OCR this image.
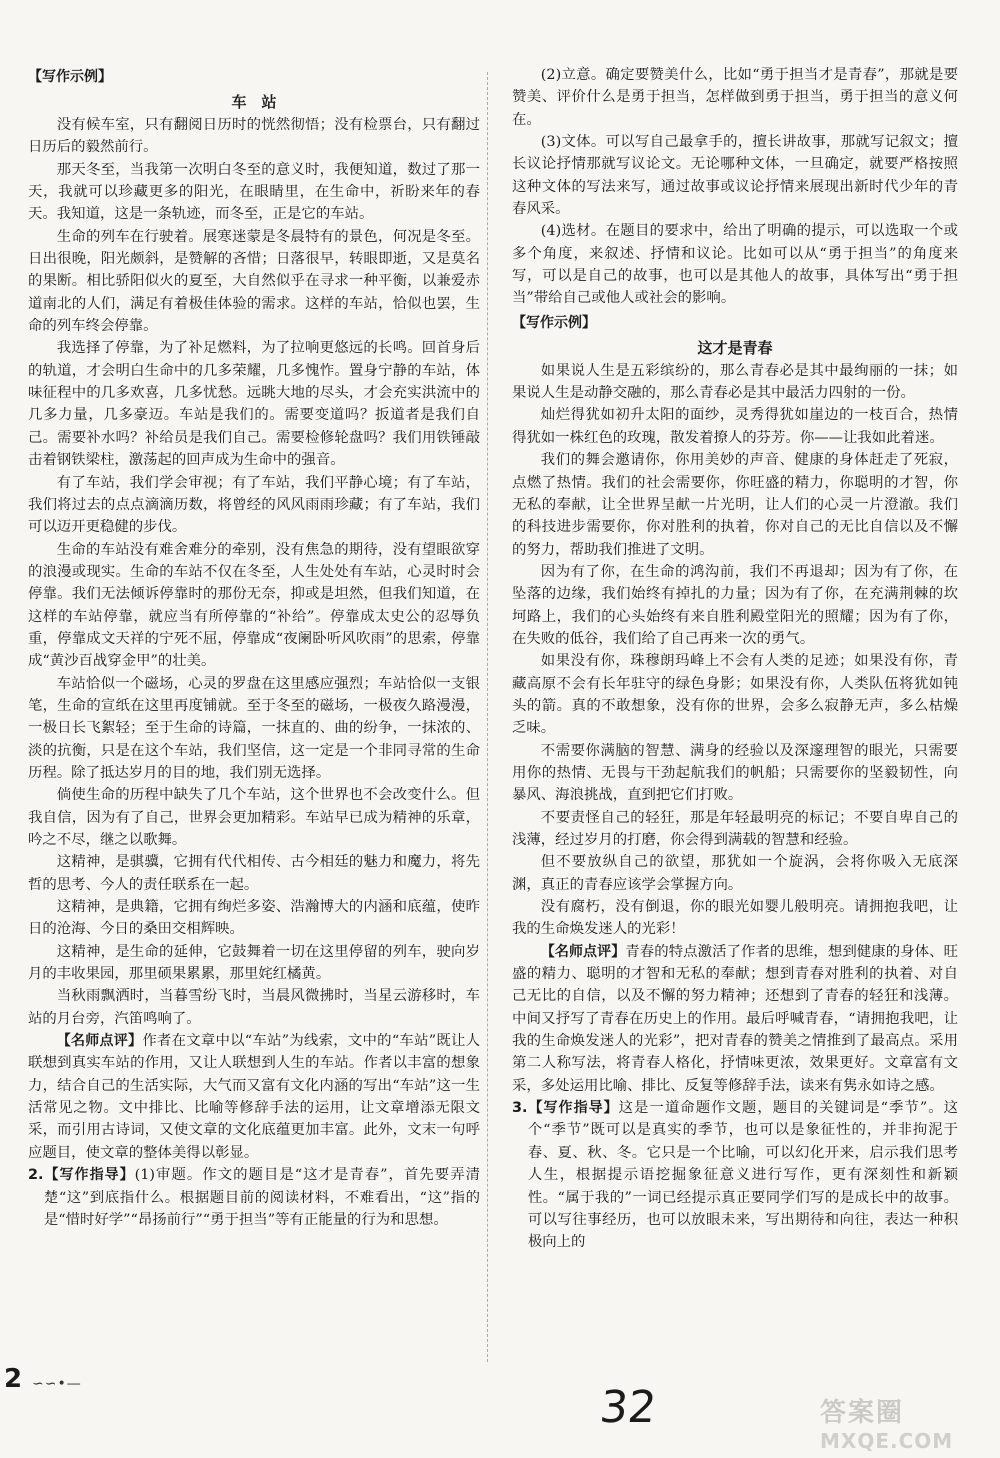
【写作示例】

车　站

没有候车室，只有翻阅日历时的恍然彻悟；没有检票台，只有翻过日历后的毅然前行。

那天冬至，当我第一次明白冬至的意义时，我便知道，数过了那一天，我就可以珍藏更多的阳光，在眼睛里，在生命中，祈盼来年的春天。我知道，这是一条轨迹，而冬至，正是它的车站。

生命的列车在行驶着。展寒迷蒙是冬晨特有的景色，何况是冬至。日出很晚，阳光颇斜，是赞解的吝惜；日落很早，转眼即逝，又是莫名的果断。相比骄阳似火的夏至，大自然似乎在寻求一种平衡，以兼爱赤道南北的人们，满足有着极佳体验的需求。这样的车站，恰似也罢，生命的列车终会停靠。

我选择了停靠，为了补足燃料，为了拉响更悠远的长鸣。回首身后的轨道，才会明白生命中的几多荣耀，几多愧怍。置身宁静的车站，体味征程中的几多欢喜，几多忧愁。远眺大地的尽头，才会充实洪流中的几多力量，几多豪迈。车站是我们的。需要变道吗？扳道者是我们自己。需要补水吗？补给员是我们自己。需要检修轮盘吗？我们用铁锤敲击着钢铁梁柱，激荡起的回声成为生命中的强音。

有了车站，我们学会审视；有了车站，我们平静心境；有了车站，我们将过去的点点滴滴历数，将曾经的风风雨雨珍藏；有了车站，我们可以迈开更稳健的步伐。

生命的车站没有难舍难分的牵别，没有焦急的期待，没有望眼欲穿的浪漫或现实。生命的车站不仅在冬至，人生处处有车站，心灵时时会停靠。我们无法倾诉停靠时的那份无奈，抑或是坦然，但我们知道，在这样的车站停靠，就应当有所停靠的“补给”。停靠成太史公的忍辱负重，停靠成文天祥的宁死不屈，停靠成“夜阑卧听风吹雨”的思索，停靠成“黄沙百战穿金甲”的壮美。

车站恰似一个磁场，心灵的罗盘在这里感应强烈；车站恰似一支银笔，生命的宣纸在这里再度铺就。至于冬至的磁场，一极夜久路漫漫，一极日长飞絮轻；至于生命的诗篇，一抹直的、曲的纷争，一抹浓的、淡的抗衡，只是在这个车站，我们坚信，这一定是一个非同寻常的生命历程。除了抵达岁月的目的地，我们别无选择。

倘使生命的历程中缺失了几个车站，这个世界也不会改变什么。但我自信，因为有了自己，世界会更加精彩。车站早已成为精神的乐章，吟之不尽，继之以歌舞。

这精神，是骐骥，它拥有代代相传、古今相廷的魅力和魔力，将先哲的思考、今人的责任联系在一起。

这精神，是典籍，它拥有绚烂多姿、浩瀚博大的内涵和底蕴，使昨日的沧海、今日的桑田交相辉映。

这精神，是生命的延伸，它鼓舞着一切在这里停留的列车，驶向岁月的丰收果园，那里硕果累累，那里姹红橘黄。

当秋雨飘洒时，当暮雪纷飞时，当晨风微拂时，当星云游移时，车站的月台旁，汽笛鸣响了。

【名师点评】作者在文章中以“车站”为线索，文中的“车站”既让人联想到真实车站的作用，又让人联想到人生的车站。作者以丰富的想象力，结合自己的生活实际，大气而又富有文化内涵的写出“车站”这一生活常见之物。文中排比、比喻等修辞手法的运用，让文章增添无限文采，而引用古诗词，又使文章的文化底蕴更加丰富。此外，文末一句呼应题目，使文章的整体美得以彰显。

2.【写作指导】(1)审题。作文的题目是“这才是青春”，首先要弄清楚“这”到底指什么。根据题目前的阅读材料，不难看出，“这”指的是“惜时好学”“昂扬前行”“勇于担当”等有正能量的行为和思想。

(2)立意。确定要赞美什么，比如“勇于担当才是青春”，那就是要赞美、评价什么是勇于担当，怎样做到勇于担当，勇于担当的意义何在。

(3)文体。可以写自己最拿手的，擅长讲故事，那就写记叙文；擅长议论抒情那就写议论文。无论哪种文体，一旦确定，就要严格按照这种文体的写法来写，通过故事或议论抒情来展现出新时代少年的青春风采。

(4)选材。在题目的要求中，给出了明确的提示，可以选取一个或多个角度，来叙述、抒情和议论。比如可以从“勇于担当”的角度来写，可以是自己的故事，也可以是其他人的故事，具体写出“勇于担当”带给自己或他人或社会的影响。

【写作示例】

这才是青春

如果说人生是五彩缤纷的，那么青春必是其中最绚丽的一抹；如果说人生是动静交融的，那么青春必是其中最活力四射的一份。

灿烂得犹如初升太阳的面纱，灵秀得犹如崖边的一枝百合，热情得犹如一株红色的玫瑰，散发着撩人的芬芳。你——让我如此着迷。

我们的舞会邀请你，你用美妙的声音、健康的身体赶走了死寂，点燃了热情。我们的社会需要你，你旺盛的精力，你聪明的才智，你无私的奉献，让全世界呈献一片光明，让人们的心灵一片澄澈。我们的科技进步需要你，你对胜利的执着，你对自己的无比自信以及不懈的努力，帮助我们推进了文明。

因为有了你，在生命的鸿沟前，我们不再退却；因为有了你，在坠落的边缘，我们始终有掉扎的力量；因为有了你，在充满荆棘的坎坷路上，我们的心头始终有来自胜利殿堂阳光的照耀；因为有了你，在失败的低谷，我们给了自己再来一次的勇气。

如果没有你，珠穆朗玛峰上不会有人类的足迹；如果没有你，青藏高原不会有长年驻守的绿色身影；如果没有你，人类队伍将犹如钝头的箭。真的不敢想象，没有你的世界，会多么寂静无声，多么枯燥乏味。

不需要你满脑的智慧、满身的经验以及深邃理智的眼光，只需要用你的热情、无畏与干劲起航我们的帆船；只需要你的坚毅韧性，向暴风、海浪挑战，直到把它们打败。

不要责怪自己的轻狂，那是年轻最明亮的标记；不要自卑自己的浅薄，经过岁月的打磨，你会得到满载的智慧和经验。

但不要放纵自己的欲望，那犹如一个旋涡，会将你吸入无底深渊，真正的青春应该学会掌握方向。

没有腐朽，没有倒退，你的眼光如婴儿般明亮。请拥抱我吧，让我的生命焕发迷人的光彩！

【名师点评】青春的特点激活了作者的思维，想到健康的身体、旺盛的精力、聪明的才智和无私的奉献；想到青春对胜利的执着、对自己无比的自信，以及不懈的努力精神；还想到了青春的轻狂和浅薄。中间又抒写了青春在历史上的作用。最后呼喊青春，“请拥抱我吧，让我的生命焕发迷人的光彩”，把对青春的赞美之情推到了最高点。采用第二人称写法，将青春人格化，抒情味更浓，效果更好。文章富有文采，多处运用比喻、排比、反复等修辞手法，读来有隽永如诗之感。

3.【写作指导】这是一道命题作文题，题目的关键词是“季节”。这个“季节”既可以是真实的季节，也可以是象征性的，并非拘泥于春、夏、秋、冬。它只是一个比喻，可以幻化开来，启示我们思考人生，根据提示语挖掘象征意义进行写作，更有深刻性和新颖性。“属于我的”一词已经提示真正要同学们写的是成长中的故事。可以写往事经历，也可以放眼未来，写出期待和向往，表达一种积极向上的

2 ∽∽•—	32	答案圈
MXQE.COM
